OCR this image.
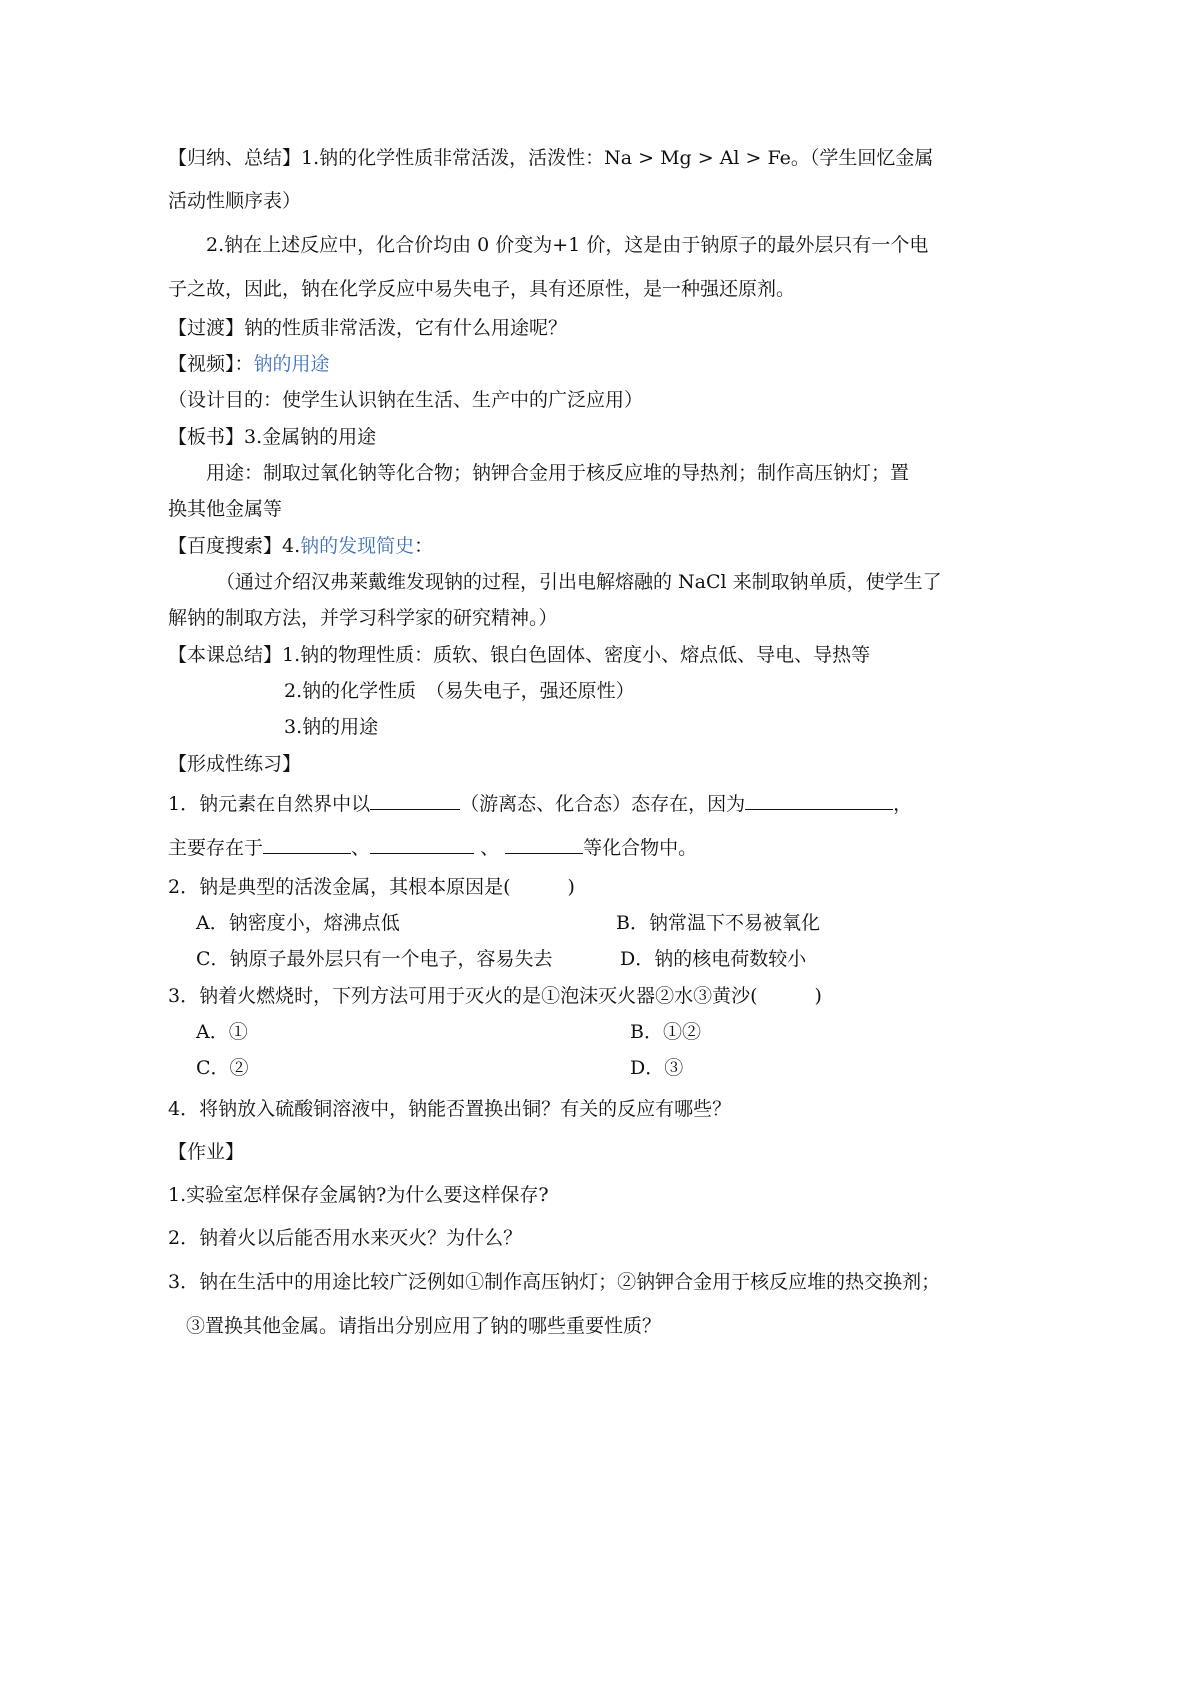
【归纳、总结】1.钠的化学性质非常活泼，活泼性：Na > Mg > Al > Fe。（学生回忆金属
活动性顺序表）
2.钠在上述反应中，化合价均由 0 价变为+1 价，这是由于钠原子的最外层只有一个电
子之故，因此，钠在化学反应中易失电子，具有还原性，是一种强还原剂。
【过渡】钠的性质非常活泼，它有什么用途呢？
【视频】：钠的用途
（设计目的：使学生认识钠在生活、生产中的广泛应用）
【板书】3.金属钠的用途
用途：制取过氧化钠等化合物；钠钾合金用于核反应堆的导热剂；制作高压钠灯；置
换其他金属等
【百度搜索】4.钠的发现简史：
（通过介绍汉弗莱戴维发现钠的过程，引出电解熔融的 NaCl 来制取钠单质，使学生了
解钠的制取方法，并学习科学家的研究精神。）
【本课总结】1.钠的物理性质：质软、银白色固体、密度小、熔点低、导电、导热等
2.钠的化学性质　（易失电子，强还原性）
3.钠的用途
【形成性练习】
1．钠元素在自然界中以	（游离态、化合态）态存在，因为	，
主要存在于	、	、	等化合物中。
2．钠是典型的活泼金属，其根本原因是(　　　)
A．钠密度小，熔沸点低	B．钠常温下不易被氧化
C．钠原子最外层只有一个电子，容易失去	D．钠的核电荷数较小
3．钠着火燃烧时，下列方法可用于灭火的是①泡沫灭火器②水③黄沙(　　　)
A．①	B．①②
C．②	D．③
4．将钠放入硫酸铜溶液中，钠能否置换出铜？有关的反应有哪些？
【作业】
1.实验室怎样保存金属钠?为什么要这样保存?
2．钠着火以后能否用水来灭火？为什么？
3．钠在生活中的用途比较广泛例如①制作高压钠灯；②钠钾合金用于核反应堆的热交换剂；
③置换其他金属。请指出分别应用了钠的哪些重要性质？
